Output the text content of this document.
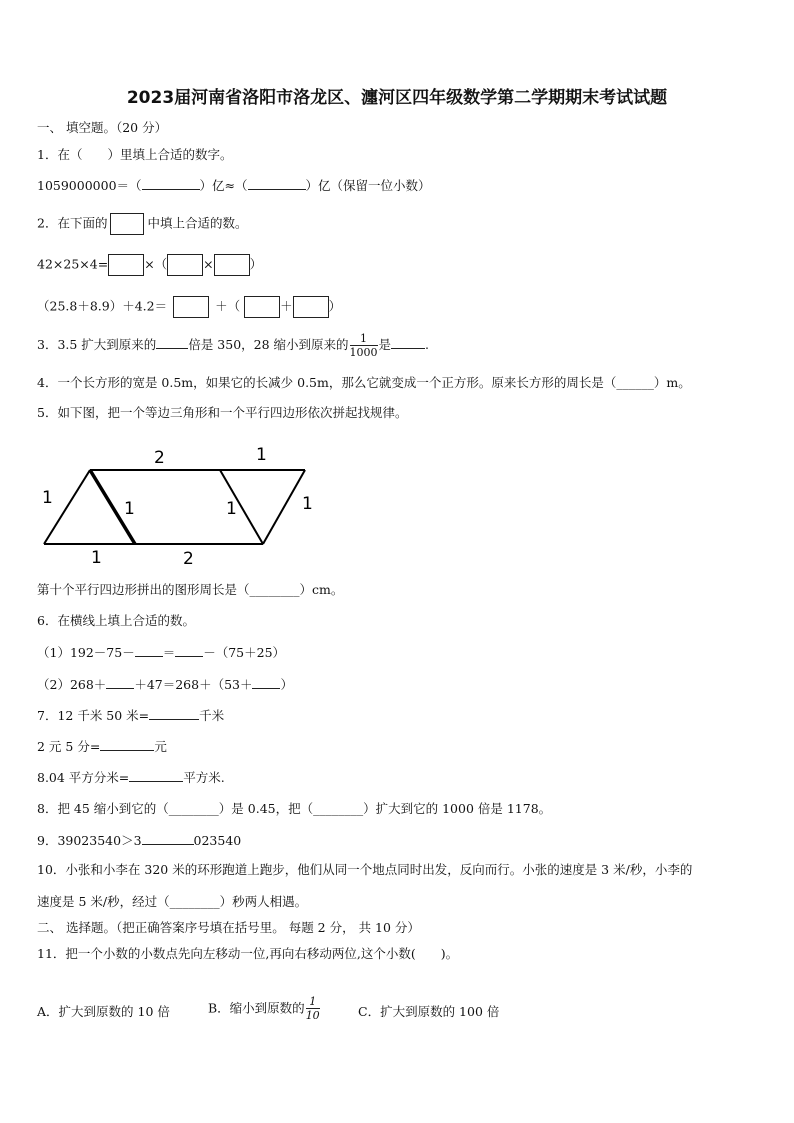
2023届河南省洛阳市洛龙区、瀍河区四年级数学第二学期期末考试试题
一、 填空题。（20 分）
1．在（　　）里填上合适的数字。
1059000000＝（	）亿≈（	）亿（保留一位小数）
2．在下面的	中填上合适的数。
42×25×4=	×（	×	）
（25.8＋8.9）＋4.2＝	＋（	＋	）
3．3.5 扩大到原来的	倍是 350，28 缩小到原来的 $\frac{1}{1000}$ 是	.
4．一个长方形的宽是 0.5m，如果它的长减少 0.5m，那么它就变成一个正方形。原来长方形的周长是（______）m。
5．如下图，把一个等边三角形和一个平行四边形依次拼起找规律。
1
2	1
1	1	1
1	2
第十个平行四边形拼出的图形周长是（________）cm。
6．在横线上填上合适的数。
（1）192－75－ ＝ －（75＋25）
（2）268＋ ＋47＝268＋（53＋ ）
7．12 千米 50 米=	千米
2 元 5 分=	元
8.04 平方分米=	平方米.
8．把 45 缩小到它的（________）是 0.45，把（________）扩大到它的 1000 倍是 1178。
9．39023540＞3	023540
10．小张和小李在 320 米的环形跑道上跑步，他们从同一个地点同时出发，反向而行。小张的速度是 3 米/秒，小李的
速度是 5 米/秒，经过（________）秒两人相遇。
二、 选择题。（把正确答案序号填在括号里。 每题 2 分， 共 10 分）
11．把一个小数的小数点先向左移动一位,再向右移动两位,这个小数(　　)。
A．扩大到原数的 10 倍	B．缩小到原数的 $\frac{1}{10}$	C．扩大到原数的 100 倍
